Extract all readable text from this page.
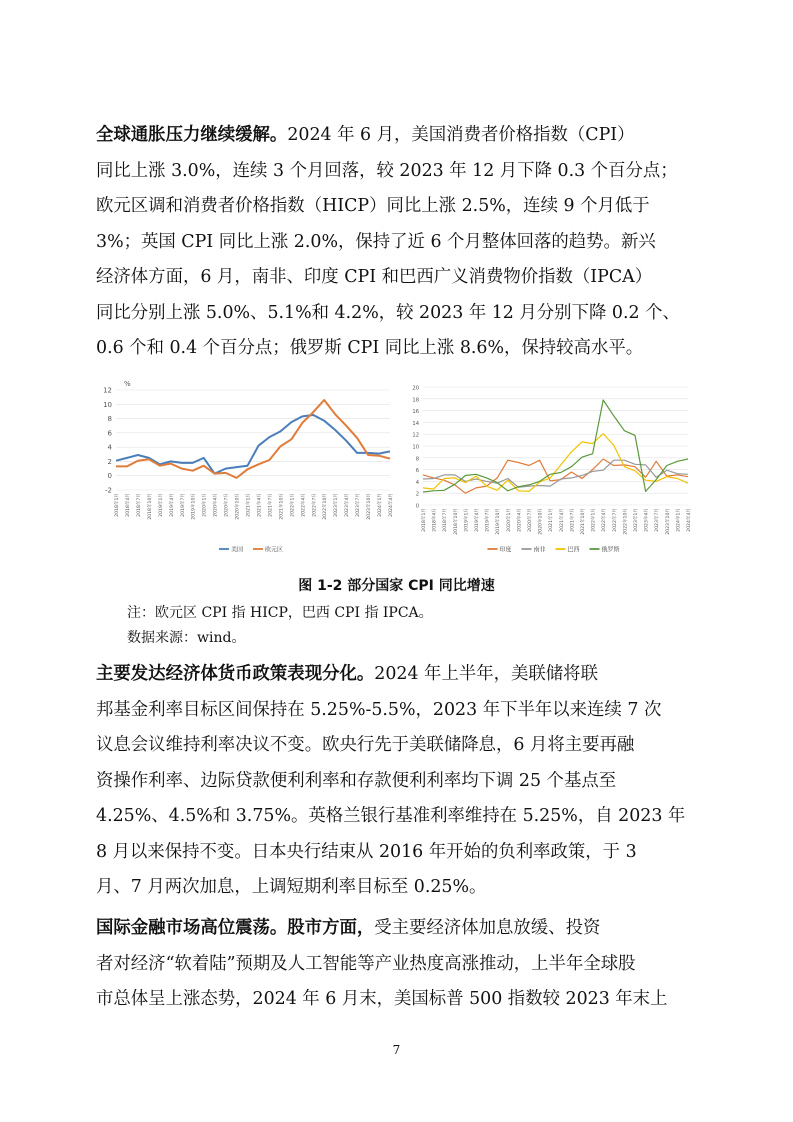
全球通胀压力继续缓解。2024 年 6 月，美国消费者价格指数（CPI）
同比上涨 3.0%，连续 3 个月回落，较 2023 年 12 月下降 0.3 个百分点；
欧元区调和消费者价格指数（HICP）同比上涨 2.5%，连续 9 个月低于
3%；英国 CPI 同比上涨 2.0%，保持了近 6 个月整体回落的趋势。新兴
经济体方面，6 月，南非、印度 CPI 和巴西广义消费物价指数（IPCA）
同比分别上涨 5.0%、5.1%和 4.2%，较 2023 年 12 月分别下降 0.2 个、
0.6 个和 0.4 个百分点；俄罗斯 CPI 同比上涨 8.6%，保持较高水平。
-2
0
2
4
6
8
10
12
%
2018年1月	2018年4月	2018年7月	2018年10月	2019年1月	2019年4月	2019年7月	2019年10月	2020年1月	2020年4月	2020年7月	2020年10月	2021年1月	2021年4月	2021年7月	2021年10月	2022年1月	2022年4月	2022年7月	2022年10月	2023年1月	2023年4月	2023年7月	2023年10月	2024年1月	2024年4月
美国	欧元区
0
2
4
6
8
10
12
14
16
18
20
2018年1月	2018年4月	2018年7月	2018年10月	2019年1月	2019年4月	2019年7月	2019年10月	2020年1月	2020年4月	2020年7月	2020年10月	2021年1月	2021年4月	2021年7月	2021年10月	2022年1月	2022年4月	2022年7月	2022年10月	2023年1月	2023年4月	2023年7月	2023年10月	2024年1月	2024年4月
印度	南非	巴西	俄罗斯
图 1-2 部分国家 CPI 同比增速
注：欧元区 CPI 指 HICP，巴西 CPI 指 IPCA。
数据来源：wind。
主要发达经济体货币政策表现分化。2024 年上半年，美联储将联
邦基金利率目标区间保持在 5.25%-5.5%，2023 年下半年以来连续 7 次
议息会议维持利率决议不变。欧央行先于美联储降息，6 月将主要再融
资操作利率、边际贷款便利利率和存款便利利率均下调 25 个基点至
4.25%、4.5%和 3.75%。英格兰银行基准利率维持在 5.25%，自 2023 年
8 月以来保持不变。日本央行结束从 2016 年开始的负利率政策，于 3
月、7 月两次加息，上调短期利率目标至 0.25%。
国际金融市场高位震荡。股市方面，受主要经济体加息放缓、投资
者对经济“软着陆”预期及人工智能等产业热度高涨推动，上半年全球股
市总体呈上涨态势，2024 年 6 月末，美国标普 500 指数较 2023 年末上
7
